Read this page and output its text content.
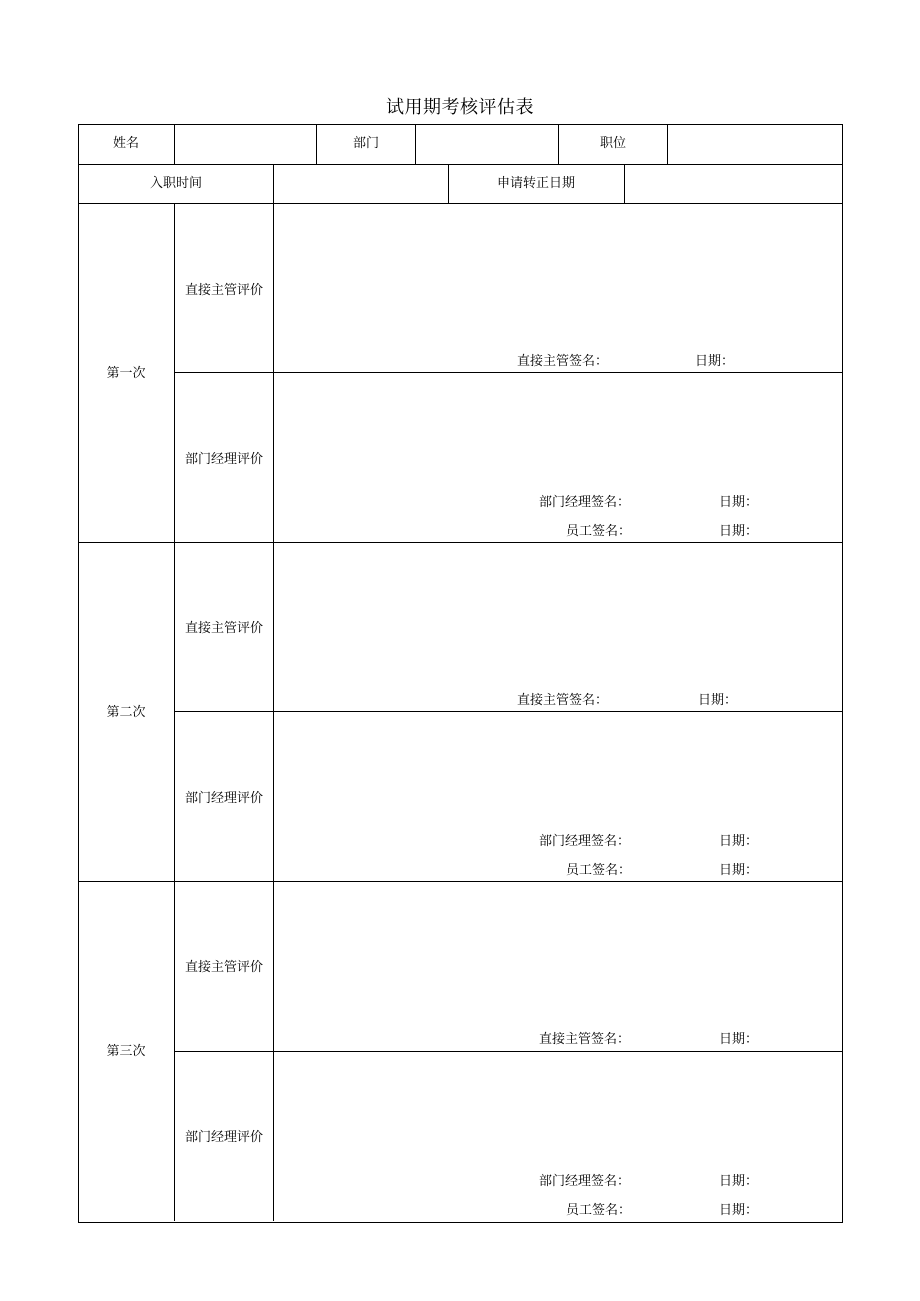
试用期考核评估表
姓名	部门	职位
入职时间	申请转正日期
第一次
直接主管评价
直接主管签名：	日期：
部门经理评价
部门经理签名：	日期：
员工签名：	日期：
第二次
直接主管评价
直接主管签名：	日期：
部门经理评价
部门经理签名：	日期：
员工签名：	日期：
第三次
直接主管评价
直接主管签名：	日期：
部门经理评价
部门经理签名：	日期：
员工签名：	日期：
